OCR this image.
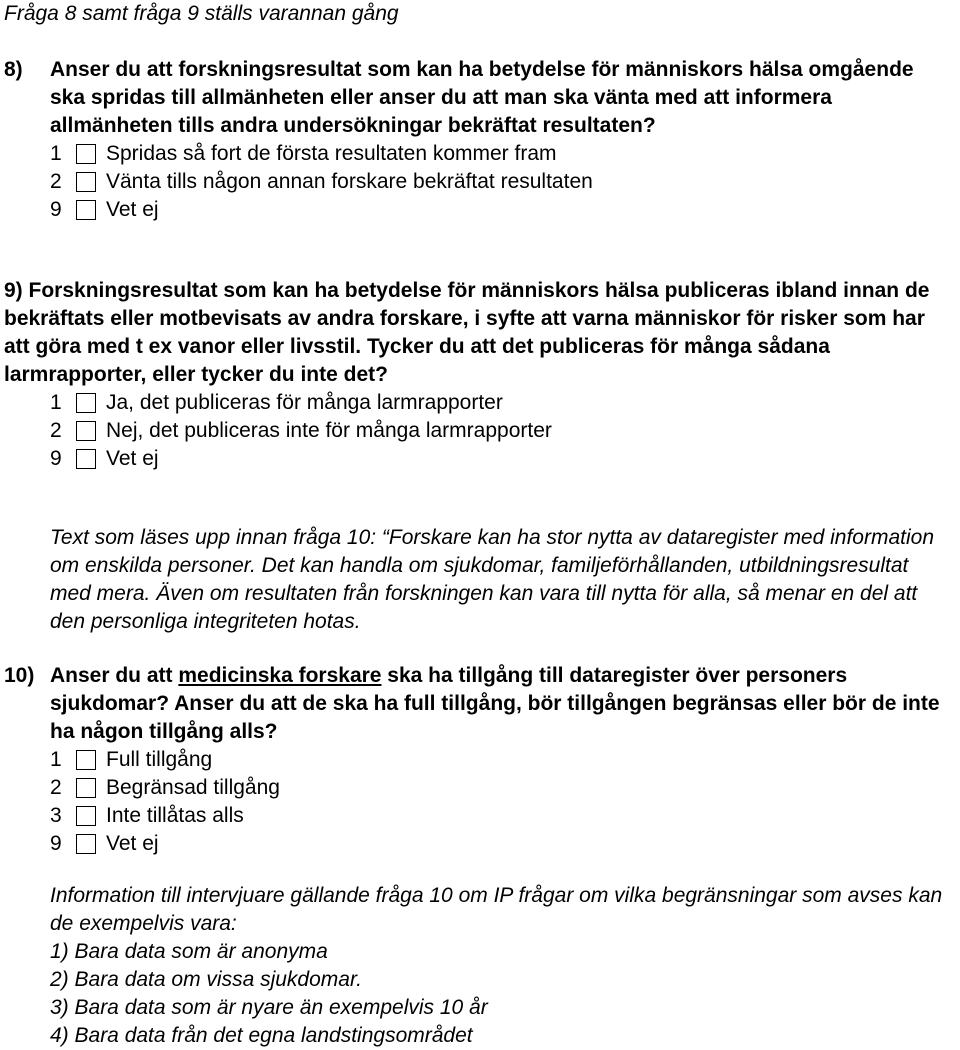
Fråga 8 samt fråga 9 ställs varannan gång
8)	Anser du att forskningsresultat som kan ha betydelse för människors hälsa omgående ska spridas till allmänheten eller anser du att man ska vänta med att informera allmänheten tills andra undersökningar bekräftat resultaten?
1	Spridas så fort de första resultaten kommer fram
2	Vänta tills någon annan forskare bekräftat resultaten
9	Vet ej
9) Forskningsresultat som kan ha betydelse för människors hälsa publiceras ibland innan de bekräftats eller motbevisats av andra forskare, i syfte att varna människor för risker som har att göra med t ex vanor eller livsstil. Tycker du att det publiceras för många sådana larmrapporter, eller tycker du inte det?
1	Ja, det publiceras för många larmrapporter
2	Nej, det publiceras inte för många larmrapporter
9	Vet ej
Text som läses upp innan fråga 10: “Forskare kan ha stor nytta av dataregister med information om enskilda personer. Det kan handla om sjukdomar, familjeförhållanden, utbildningsresultat med mera. Även om resultaten från forskningen kan vara till nytta för alla, så menar en del att den personliga integriteten hotas.
10) Anser du att medicinska forskare ska ha tillgång till dataregister över personers sjukdomar? Anser du att de ska ha full tillgång, bör tillgången begränsas eller bör de inte ha någon tillgång alls?
1	Full tillgång
2	Begränsad tillgång
3	Inte tillåtas alls
9	Vet ej
Information till intervjuare gällande fråga 10 om IP frågar om vilka begränsningar som avses kan de exempelvis vara:
1) Bara data som är anonyma
2) Bara data om vissa sjukdomar.
3) Bara data som är nyare än exempelvis 10 år
4) Bara data från det egna landstingsområdet
